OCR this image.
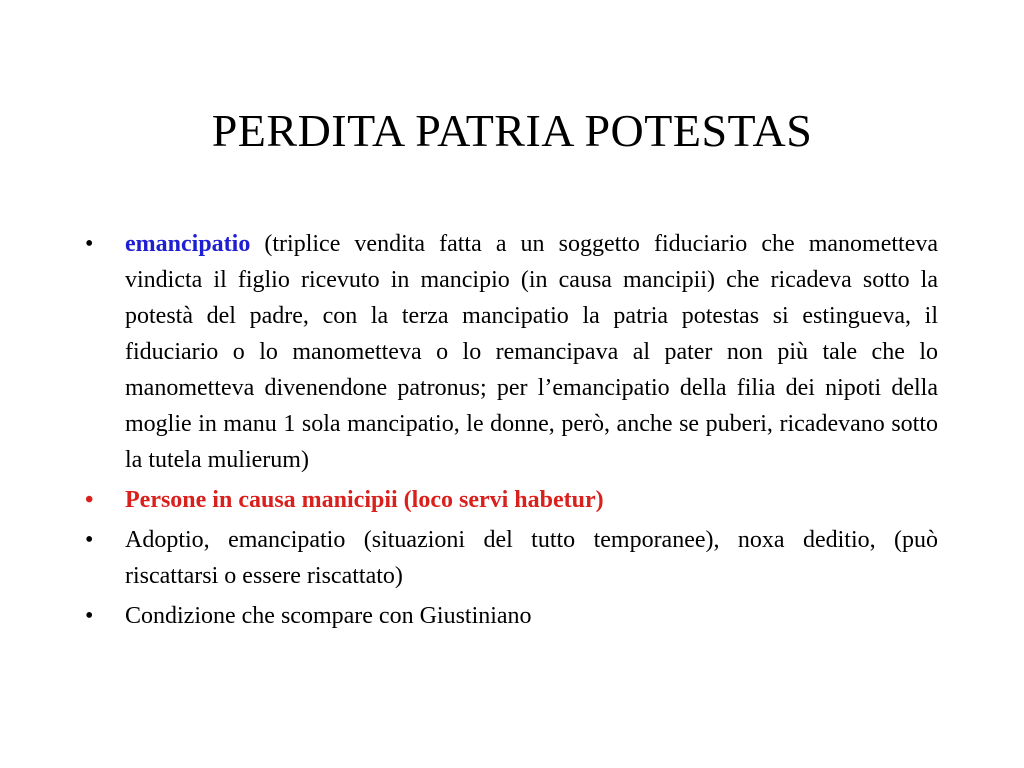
PERDITA PATRIA POTESTAS
•	emancipatio (triplice vendita fatta a un soggetto fiduciario che manometteva vindicta il figlio ricevuto in mancipio (in causa mancipii) che ricadeva sotto la potestà del padre, con la terza mancipatio la patria potestas si estingueva, il fiduciario o lo manometteva o lo remancipava al pater non più tale che lo manometteva divenendone patronus; per l’emancipatio della filia dei nipoti della moglie in manu 1 sola mancipatio, le donne, però, anche se puberi, ricadevano sotto la tutela mulierum)
•	Persone in causa manicipii (loco servi habetur)
•	Adoptio, emancipatio (situazioni del tutto temporanee), noxa deditio, (può riscattarsi o essere riscattato)
•	Condizione che scompare con Giustiniano
